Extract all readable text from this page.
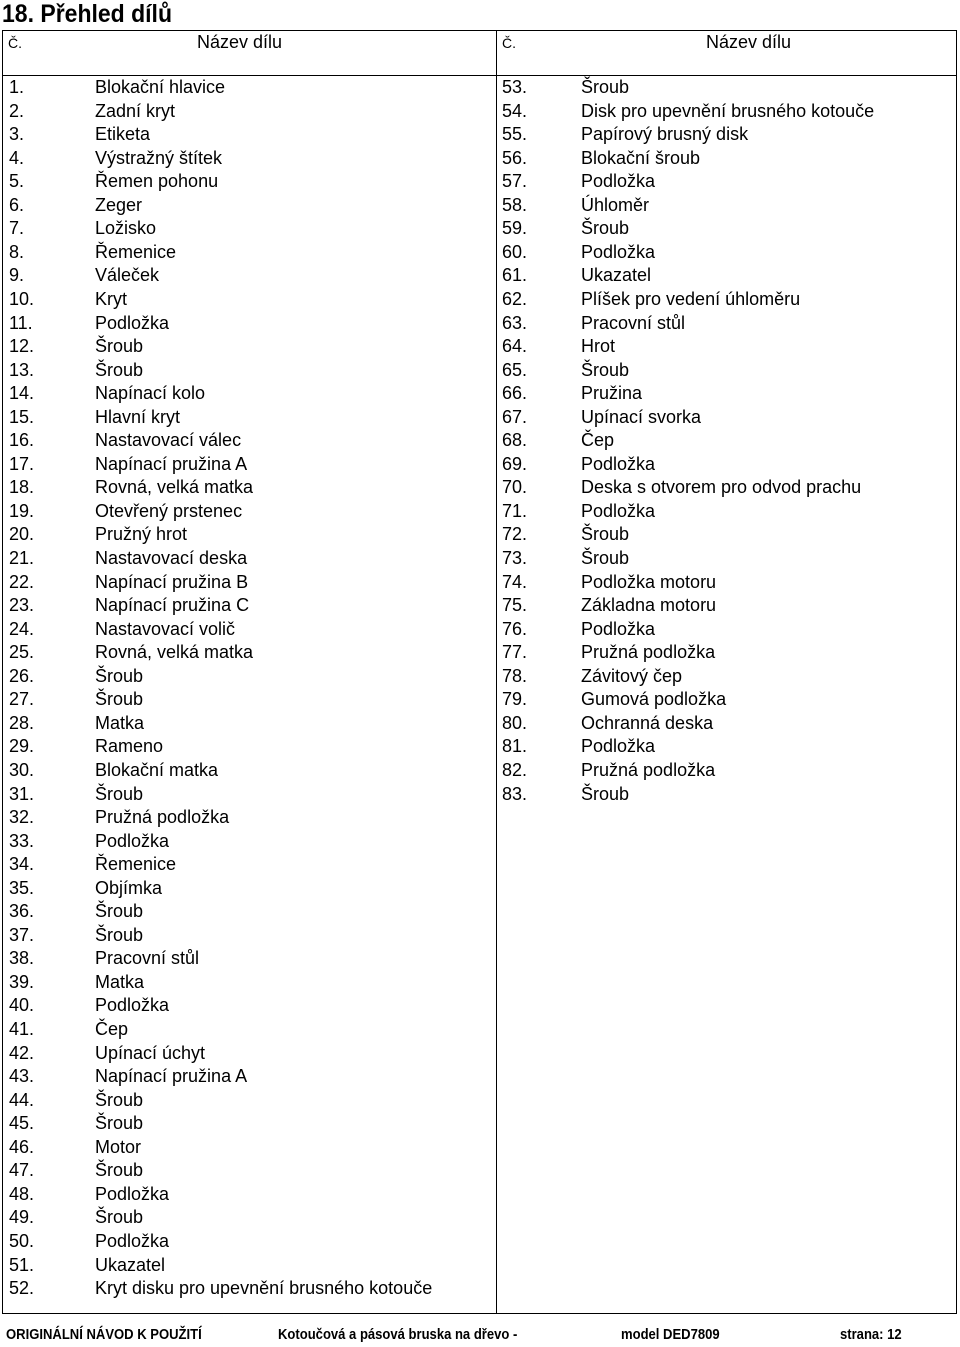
18. Přehled dílů
Č.	Název dílu	Č.	Název dílu
1.	Blokační hlavice
2.	Zadní kryt
3.	Etiketa
4.	Výstražný štítek
5.	Řemen pohonu
6.	Zeger
7.	Ložisko
8.	Řemenice
9.	Váleček
10.	Kryt
11.	Podložka
12.	Šroub
13.	Šroub
14.	Napínací kolo
15.	Hlavní kryt
16.	Nastavovací válec
17.	Napínací pružina A
18.	Rovná, velká matka
19.	Otevřený prstenec
20.	Pružný hrot
21.	Nastavovací deska
22.	Napínací pružina B
23.	Napínací pružina C
24.	Nastavovací volič
25.	Rovná, velká matka
26.	Šroub
27.	Šroub
28.	Matka
29.	Rameno
30.	Blokační matka
31.	Šroub
32.	Pružná podložka
33.	Podložka
34.	Řemenice
35.	Objímka
36.	Šroub
37.	Šroub
38.	Pracovní stůl
39.	Matka
40.	Podložka
41.	Čep
42.	Upínací úchyt
43.	Napínací pružina A
44.	Šroub
45.	Šroub
46.	Motor
47.	Šroub
48.	Podložka
49.	Šroub
50.	Podložka
51.	Ukazatel
52.	Kryt disku pro upevnění brusného kotouče
53.	Šroub
54.	Disk pro upevnění brusného kotouče
55.	Papírový brusný disk
56.	Blokační šroub
57.	Podložka
58.	Úhloměr
59.	Šroub
60.	Podložka
61.	Ukazatel
62.	Plíšek pro vedení úhloměru
63.	Pracovní stůl
64.	Hrot
65.	Šroub
66.	Pružina
67.	Upínací svorka
68.	Čep
69.	Podložka
70.	Deska s otvorem pro odvod prachu
71.	Podložka
72.	Šroub
73.	Šroub
74.	Podložka motoru
75.	Základna motoru
76.	Podložka
77.	Pružná podložka
78.	Závitový čep
79.	Gumová podložka
80.	Ochranná deska
81.	Podložka
82.	Pružná podložka
83.	Šroub
ORIGINÁLNÍ NÁVOD K POUŽITÍ	Kotoučová a pásová bruska na dřevo -	model DED7809	strana: 12
